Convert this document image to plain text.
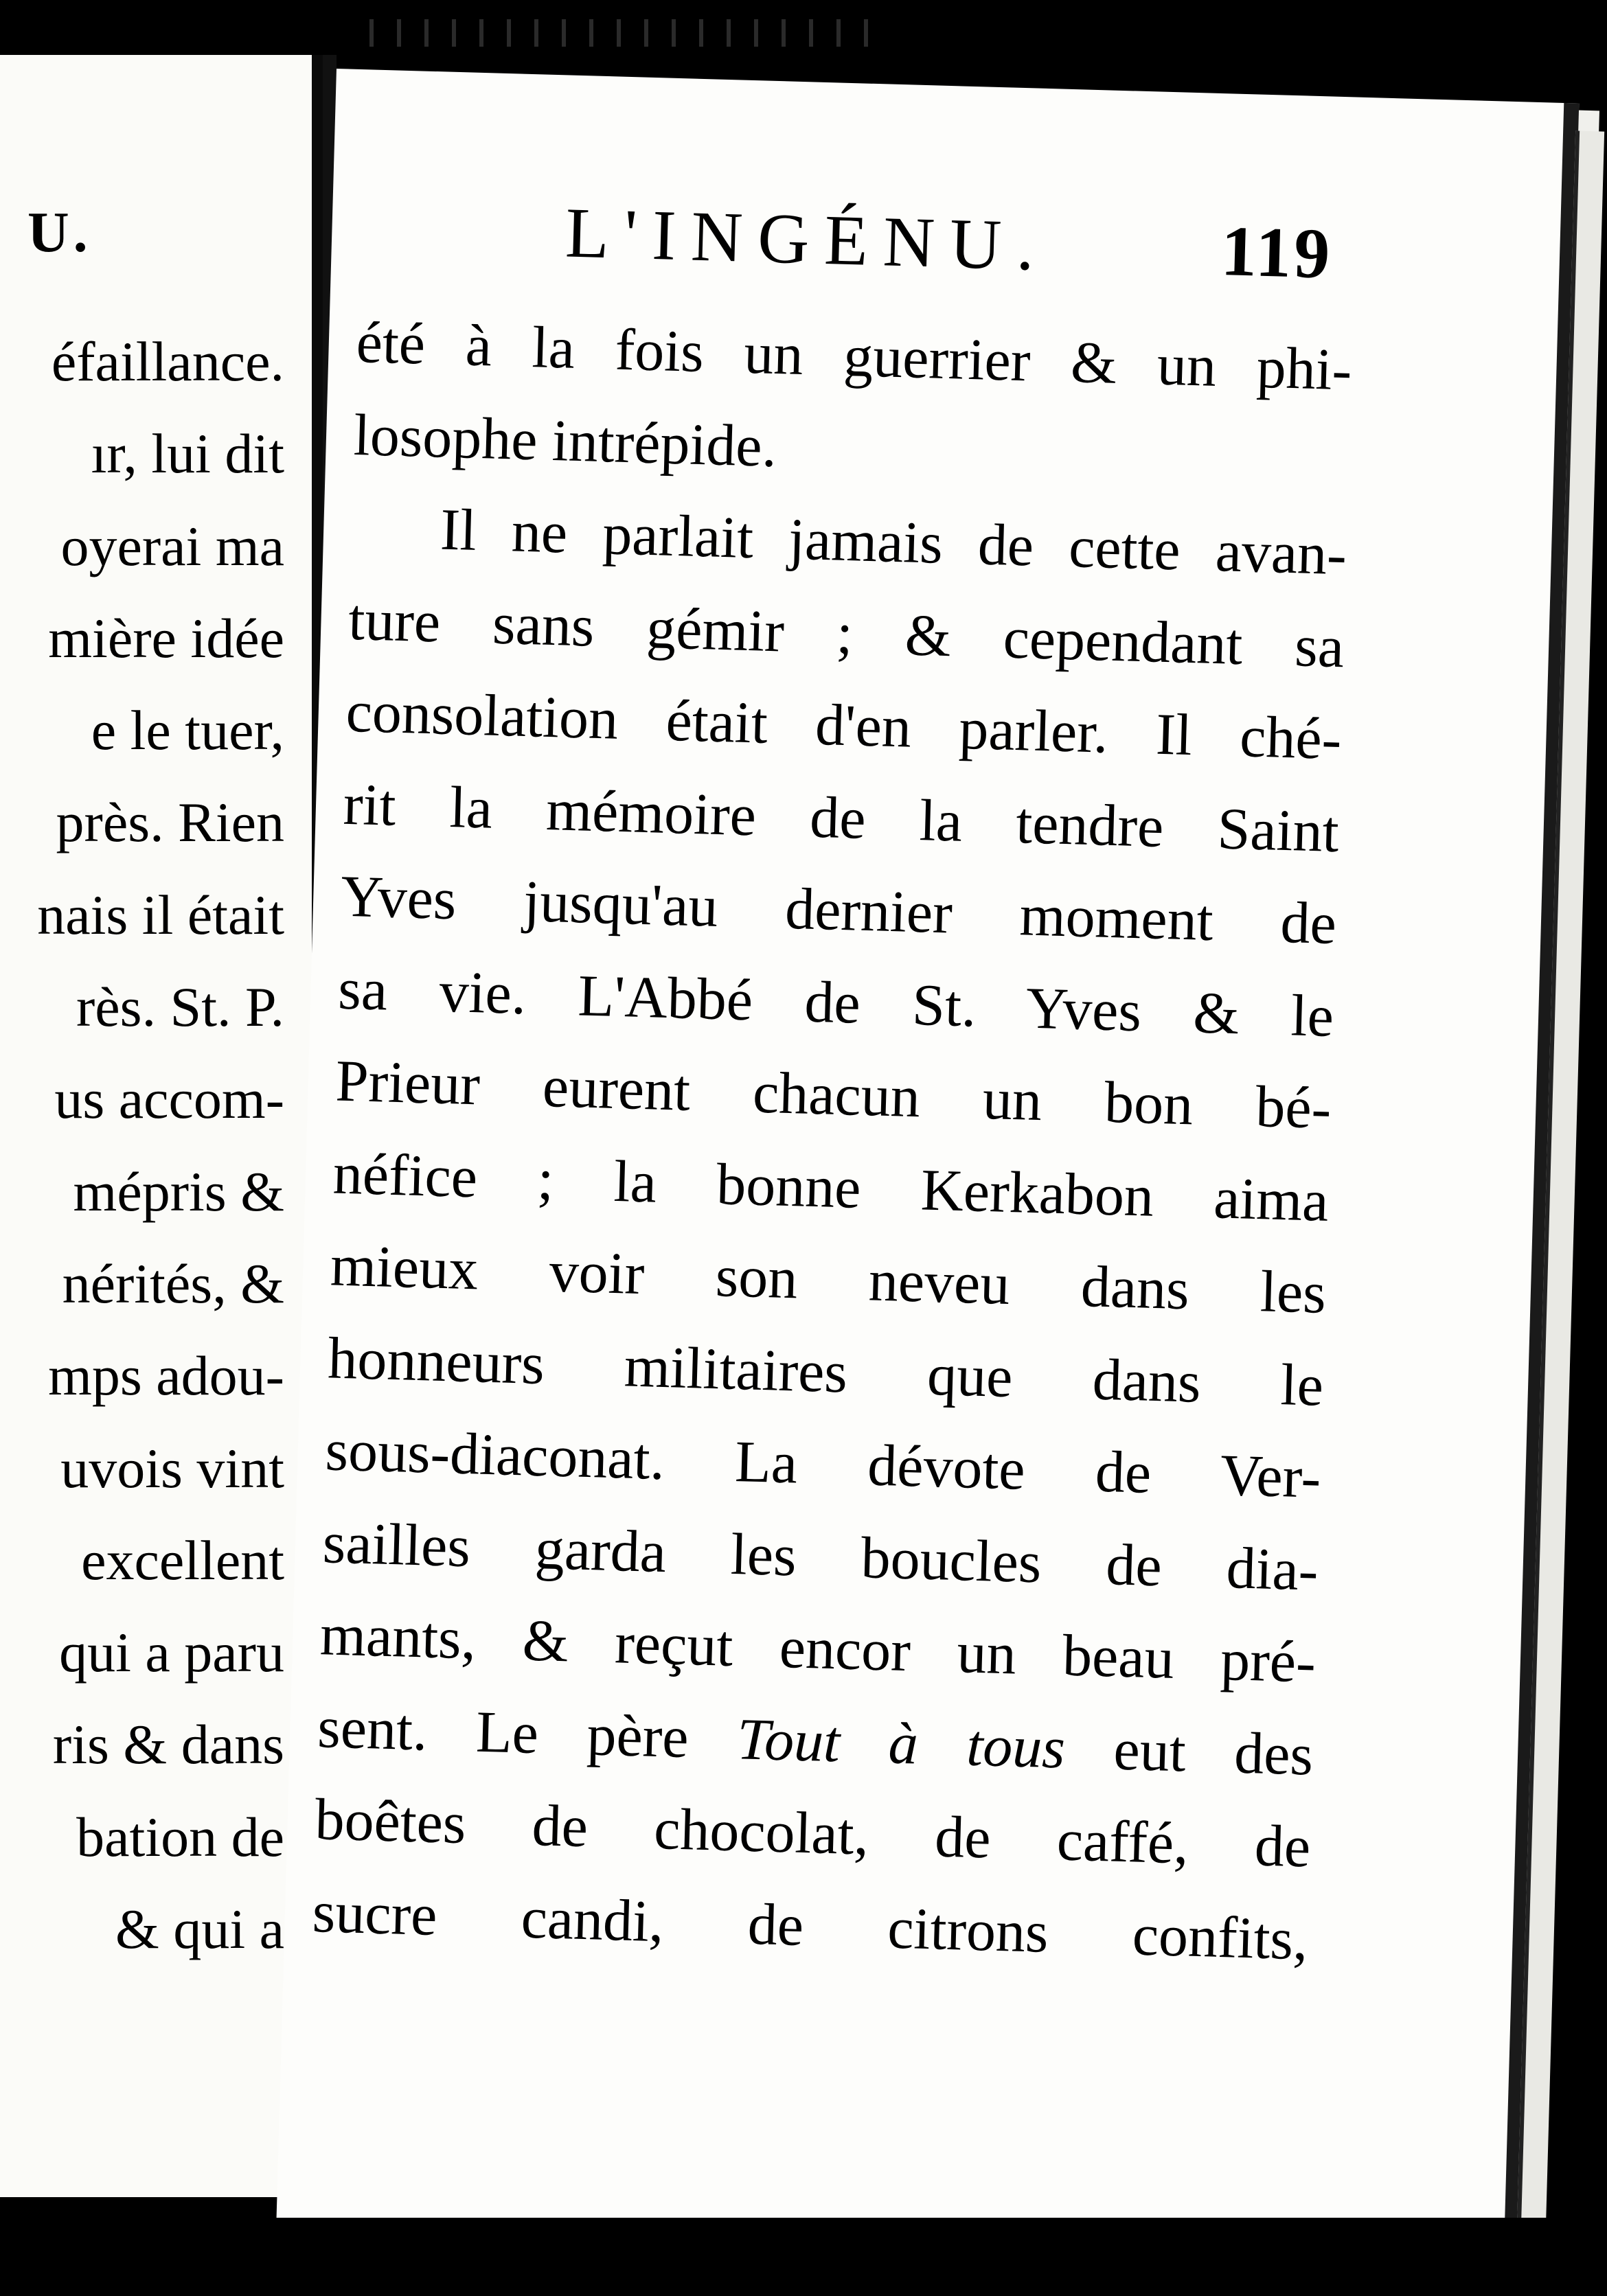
U.
éfaillance.
ır, lui dit
oyerai ma
mière idée
e le tuer,
près. Rien
nais il était
rès. St. P.
us accom-
mépris &
nérités, &
mps adou-
uvois vint
excellent
qui a paru
ris & dans
bation de
& qui a
L'INGÉNU. 119
été à la fois un guerrier & un phi-
losophe intrépide.
Il ne parlait jamais de cette avan-
ture sans gémir ; & cependant sa
consolation était d'en parler. Il ché-
rit la mémoire de la tendre Saint
Yves jusqu'au dernier moment de
sa vie. L'Abbé de St. Yves & le
Prieur eurent chacun un bon bé-
néfice ; la bonne Kerkabon aima
mieux voir son neveu dans les
honneurs militaires que dans le
sous-diaconat. La dévote de Ver-
sailles garda les boucles de dia-
mants, & reçut encor un beau pré-
sent. Le père Tout à tous eut des
boêtes de chocolat, de caffé, de
sucre candi, de citrons confits,
